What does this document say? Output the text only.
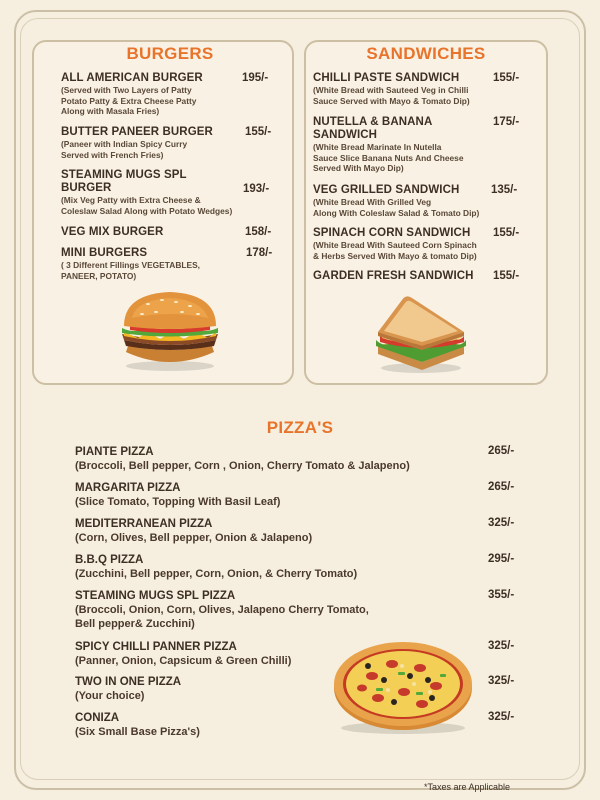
BURGERS
ALL AMERICAN BURGER
(Served with Two Layers of Patty
Potato Patty & Extra Cheese Patty
Along with Masala Fries)
195/-
BUTTER PANEER BURGER
(Paneer with Indian Spicy Curry
Served with French Fries)
155/-
STEAMING MUGS SPL
BURGER
(Mix Veg Patty with Extra Cheese &
Coleslaw Salad Along with Potato Wedges)
193/-
VEG MIX BURGER	158/-
MINI BURGERS
( 3 Different Fillings VEGETABLES,
PANEER, POTATO)
178/-
SANDWICHES
CHILLI PASTE SANDWICH
(White Bread with Sauteed Veg in Chilli
Sauce Served with Mayo & Tomato Dip)
155/-
NUTELLA & BANANA
SANDWICH
(White Bread Marinate In Nutella
Sauce Slice Banana Nuts And Cheese
Served With Mayo Dip)
175/-
VEG GRILLED SANDWICH
(White Bread With Grilled Veg
Along With Coleslaw Salad & Tomato Dip)
135/-
SPINACH CORN SANDWICH
(White Bread With Sauteed Corn Spinach
& Herbs Served With Mayo & tomato Dip)
155/-
GARDEN FRESH SANDWICH	155/-
PIZZA'S
PIANTE PIZZA
(Broccoli, Bell pepper, Corn , Onion, Cherry Tomato & Jalapeno)
265/-
MARGARITA PIZZA
(Slice Tomato, Topping With Basil Leaf)
265/-
MEDITERRANEAN PIZZA
(Corn, Olives, Bell pepper, Onion & Jalapeno)
325/-
B.B.Q PIZZA
(Zucchini, Bell pepper, Corn, Onion, & Cherry Tomato)
295/-
STEAMING MUGS SPL PIZZA
(Broccoli, Onion, Corn, Olives, Jalapeno Cherry Tomato,
Bell pepper& Zucchini)
355/-
SPICY CHILLI PANNER PIZZA
(Panner, Onion, Capsicum & Green Chilli)
325/-
TWO IN ONE PIZZA
(Your choice)
325/-
CONIZA
(Six Small Base Pizza's)
325/-
*Taxes are Applicable
